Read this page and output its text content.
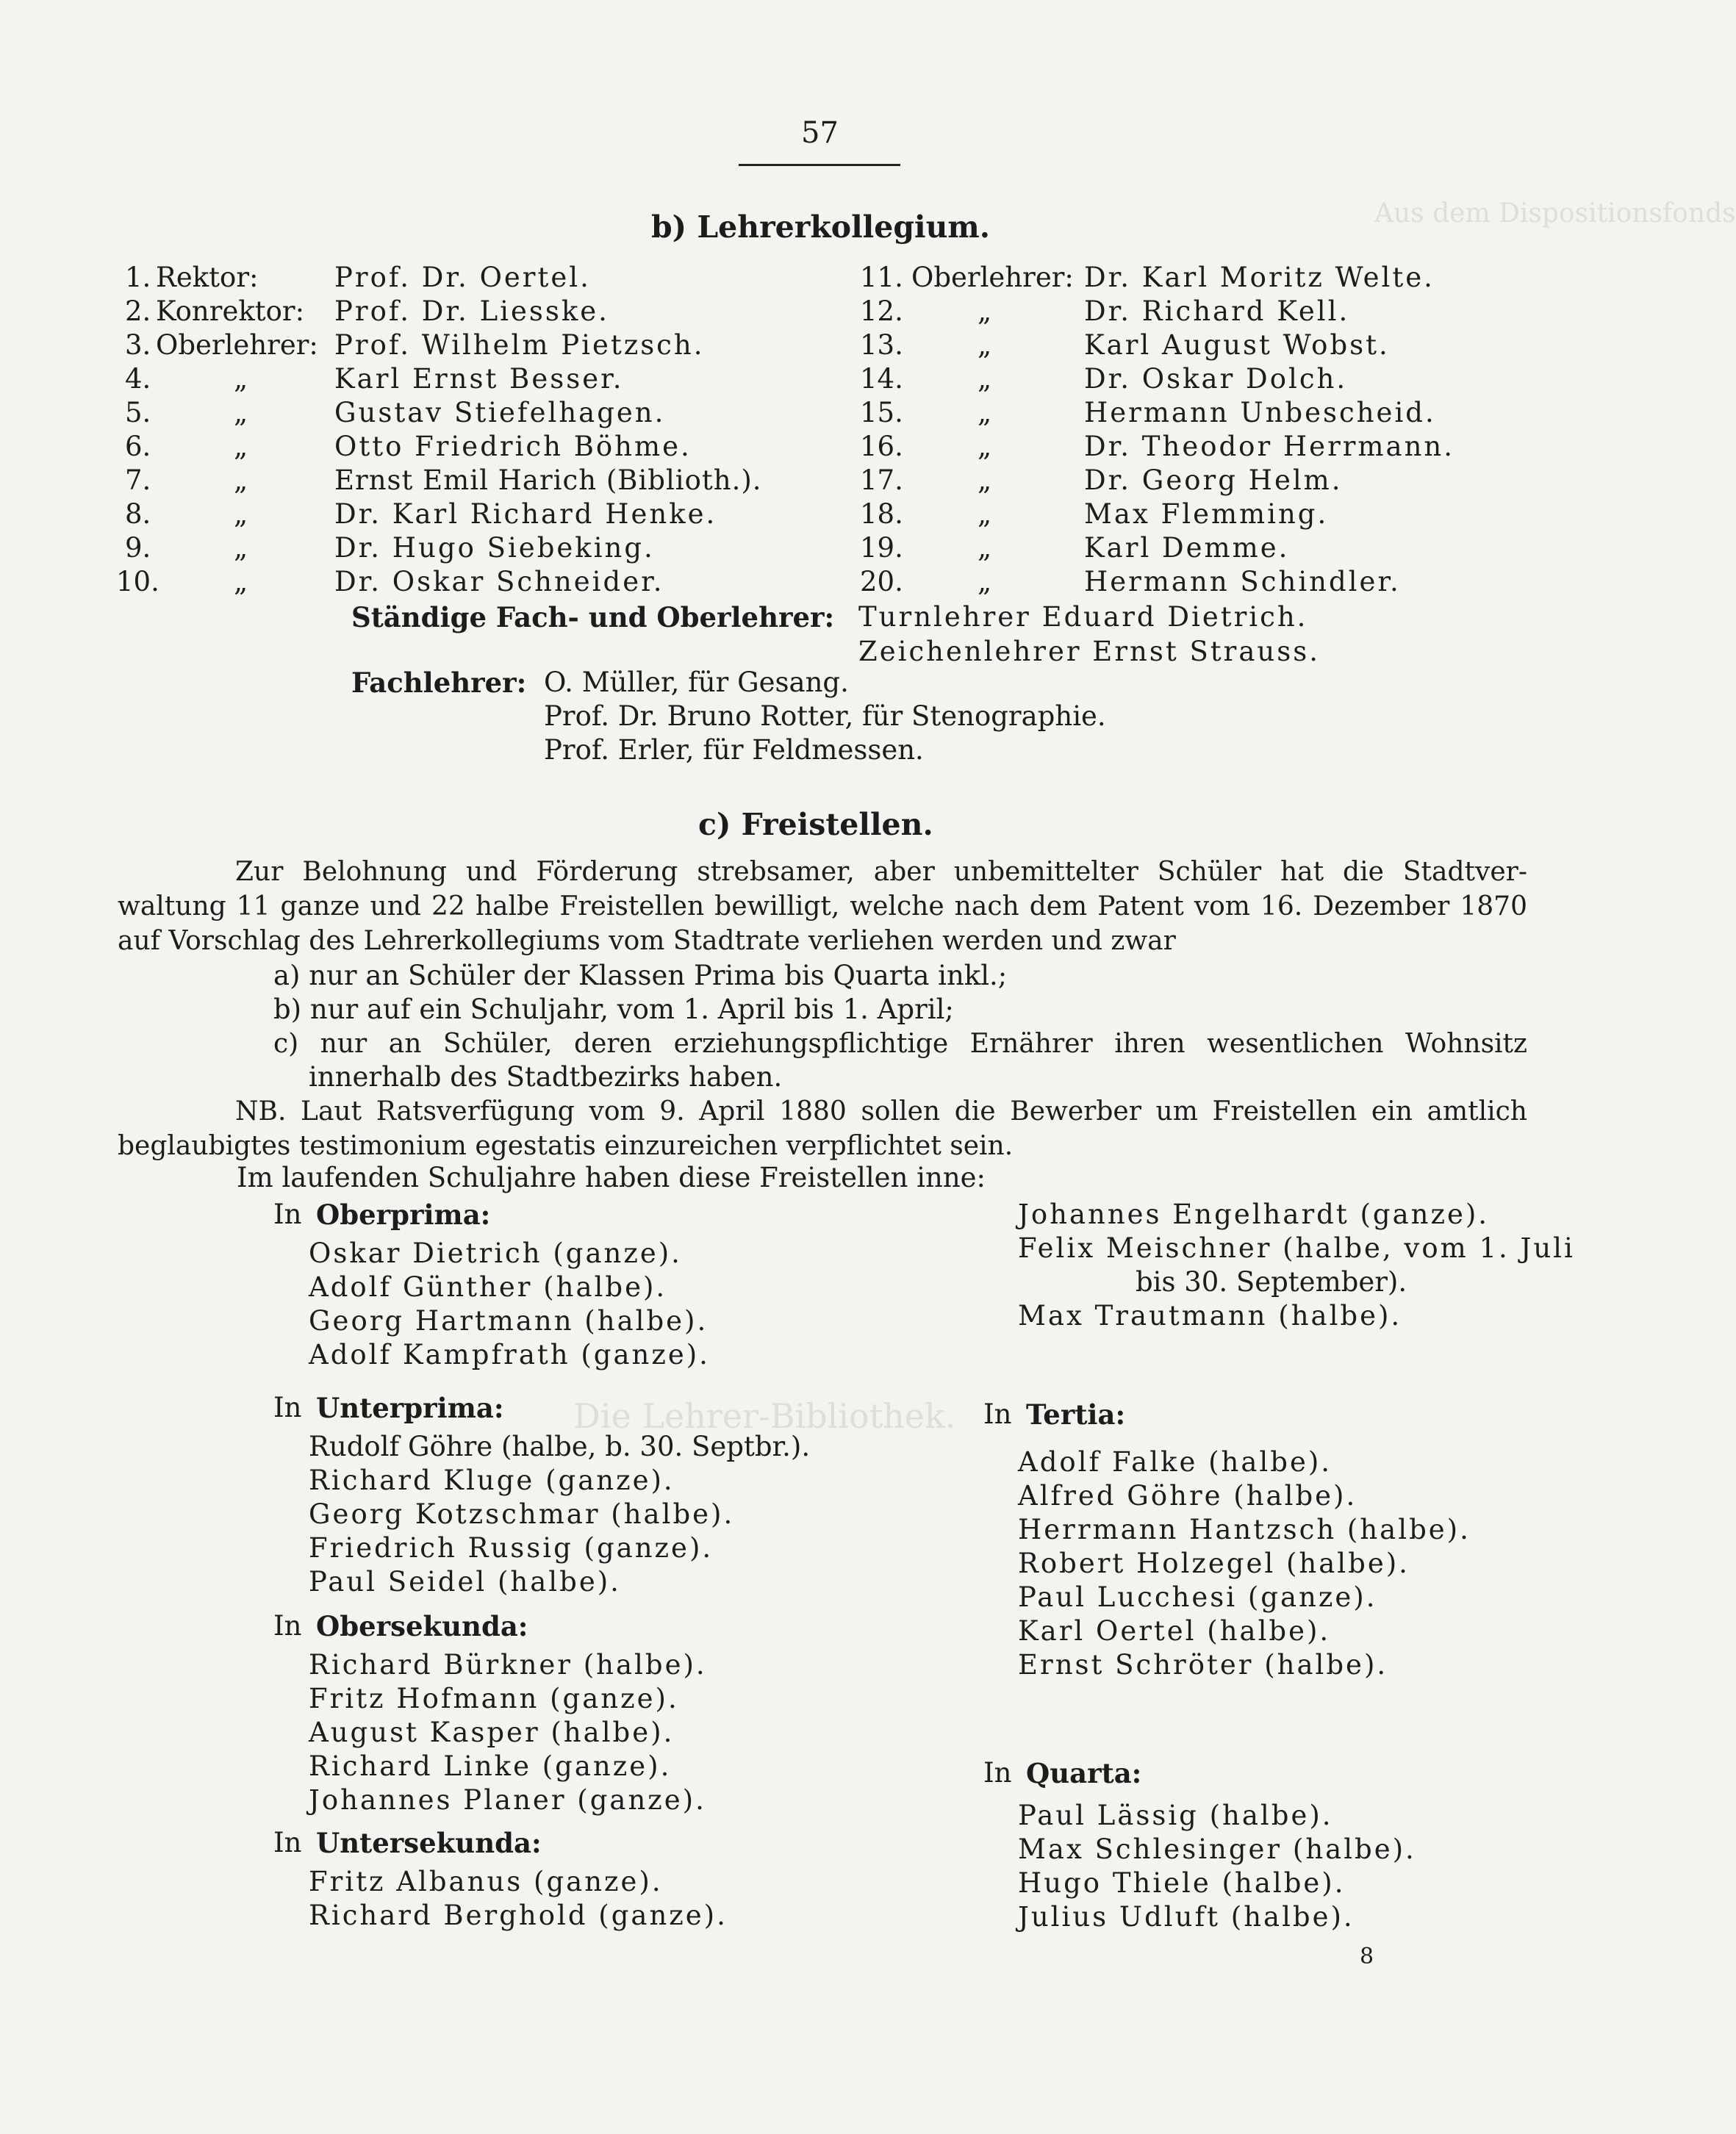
Aus dem Dispositionsfonds
Die Lehrer-Bibliothek.
57
b) Lehrerkollegium.
1. Rektor:	Prof. Dr. Oertel.
2. Konrektor: Prof. Dr. Liesske.
3. Oberlehrer: Prof. Wilhelm Pietzsch.
4.	„	Karl Ernst Besser.
5.	„	Gustav Stiefelhagen.
6.	„	Otto Friedrich Böhme.
7.	„	Ernst Emil Harich (Biblioth.).
8.	„	Dr. Karl Richard Henke.
9.	„	Dr. Hugo Siebeking.
10.	„	Dr. Oskar Schneider.
11. Oberlehrer: Dr. Karl Moritz Welte.
12.	„	Dr. Richard Kell.
13.	„	Karl August Wobst.
14.	„	Dr. Oskar Dolch.
15.	„	Hermann Unbescheid.
16.	„	Dr. Theodor Herrmann.
17.	„	Dr. Georg Helm.
18.	„	Max Flemming.
19.	„	Karl Demme.
20.	„	Hermann Schindler.
Ständige Fach- und Oberlehrer: Turnlehrer Eduard Dietrich.
Zeichenlehrer Ernst Strauss.
Fachlehrer: O. Müller, für Gesang.
Prof. Dr. Bruno Rotter, für Stenographie.
Prof. Erler, für Feldmessen.
c) Freistellen.
Zur Belohnung und Förderung strebsamer, aber unbemittelter Schüler hat die Stadtver-
waltung 11 ganze und 22 halbe Freistellen bewilligt, welche nach dem Patent vom 16. Dezember 1870
auf Vorschlag des Lehrerkollegiums vom Stadtrate verliehen werden und zwar
a) nur an Schüler der Klassen Prima bis Quarta inkl.;
b) nur auf ein Schuljahr, vom 1. April bis 1. April;
c) nur an Schüler, deren erziehungspflichtige Ernährer ihren wesentlichen Wohnsitz
innerhalb des Stadtbezirks haben.
NB. Laut Ratsverfügung vom 9. April 1880 sollen die Bewerber um Freistellen ein amtlich
beglaubigtes testimonium egestatis einzureichen verpflichtet sein.
Im laufenden Schuljahre haben diese Freistellen inne:
In Oberprima:
Oskar Dietrich (ganze).
Adolf Günther (halbe).
Georg Hartmann (halbe).
Adolf Kampfrath (ganze).
In Unterprima:
Rudolf Göhre (halbe, b. 30. Septbr.).
Richard Kluge (ganze).
Georg Kotzschmar (halbe).
Friedrich Russig (ganze).
Paul Seidel (halbe).
In Obersekunda:
Richard Bürkner (halbe).
Fritz Hofmann (ganze).
August Kasper (halbe).
Richard Linke (ganze).
Johannes Planer (ganze).
In Untersekunda:
Fritz Albanus (ganze).
Richard Berghold (ganze).
Johannes Engelhardt (ganze).
Felix Meischner (halbe, vom 1. Juli
bis 30. September).
Max Trautmann (halbe).
In Tertia:
Adolf Falke (halbe).
Alfred Göhre (halbe).
Herrmann Hantzsch (halbe).
Robert Holzegel (halbe).
Paul Lucchesi (ganze).
Karl Oertel (halbe).
Ernst Schröter (halbe).
In Quarta:
Paul Lässig (halbe).
Max Schlesinger (halbe).
Hugo Thiele (halbe).
Julius Udluft (halbe).
8
